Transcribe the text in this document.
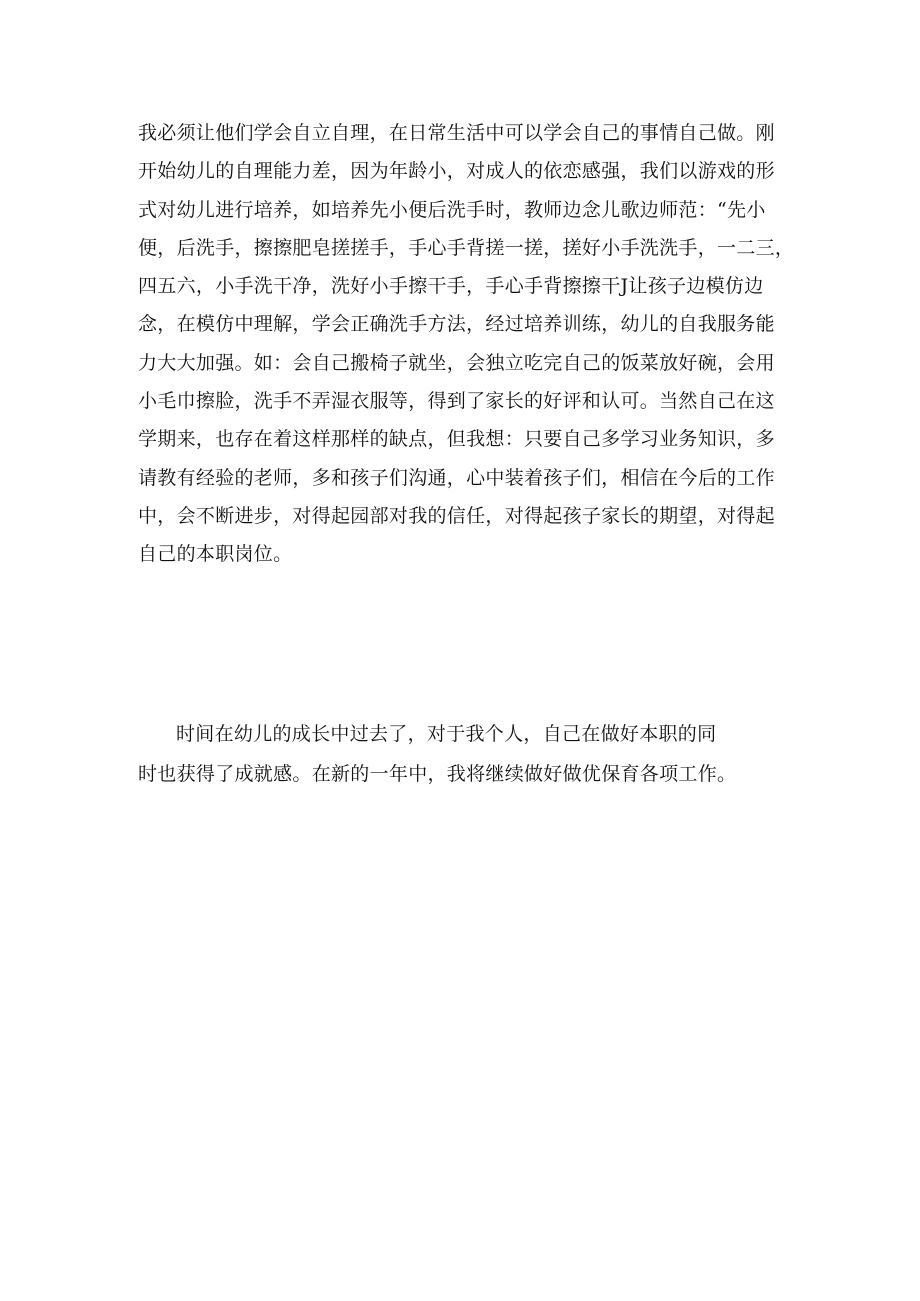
我必须让他们学会自立自理，在日常生活中可以学会自己的事情自己做。刚
开始幼儿的自理能力差，因为年龄小，对成人的依恋感强，我们以游戏的形
式对幼儿进行培养，如培养先小便后洗手时，教师边念儿歌边师范：“先小
便，后洗手，擦擦肥皂搓搓手，手心手背搓一搓，搓好小手洗洗手，一二三，
四五六，小手洗干净，洗好小手擦干手，手心手背擦擦干J让孩子边模仿边
念，在模仿中理解，学会正确洗手方法，经过培养训练，幼儿的自我服务能
力大大加强。如：会自己搬椅子就坐，会独立吃完自己的饭菜放好碗，会用
小毛巾擦脸，洗手不弄湿衣服等，得到了家长的好评和认可。当然自己在这
学期来，也存在着这样那样的缺点，但我想：只要自己多学习业务知识，多
请教有经验的老师，多和孩子们沟通，心中装着孩子们，相信在今后的工作
中，会不断进步，对得起园部对我的信任，对得起孩子家长的期望，对得起
自己的本职岗位。
时间在幼儿的成长中过去了，对于我个人，自己在做好本职的同
时也获得了成就感。在新的一年中，我将继续做好做优保育各项工作。
